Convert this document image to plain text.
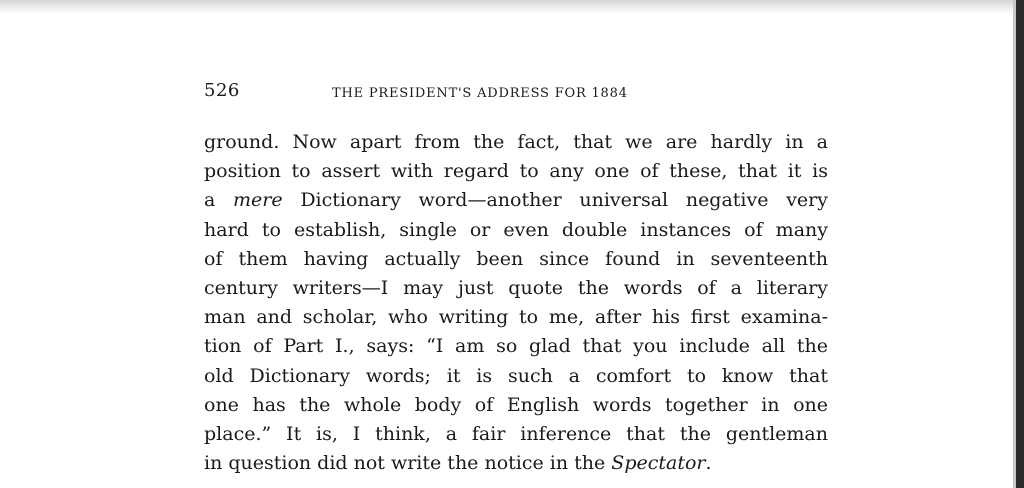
526	THE PRESIDENT'S ADDRESS FOR 1884
ground. Now apart from the fact, that we are hardly in a
position to assert with regard to any one of these, that it is
a mere Dictionary word—another universal negative very
hard to establish, single or even double instances of many
of them having actually been since found in seventeenth
century writers—I may just quote the words of a literary
man and scholar, who writing to me, after his first examina-
tion of Part I., says: “I am so glad that you include all the
old Dictionary words; it is such a comfort to know that
one has the whole body of English words together in one
place.” It is, I think, a fair inference that the gentleman
in question did not write the notice in the Spectator.
